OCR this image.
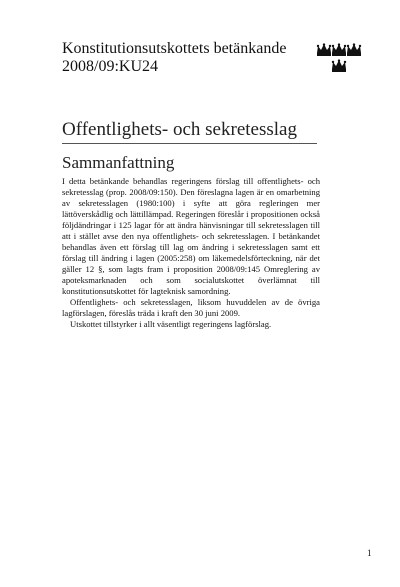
Konstitutionsutskottets betänkande
2008/09:KU24
Offentlighets- och sekretesslag
Sammanfattning

I detta betänkande behandlas regeringens förslag till offentlighets- och sekretesslag (prop. 2008/09:150). Den föreslagna lagen är en omarbetning av sekretesslagen (1980:100) i syfte att göra regleringen mer lättöverskådlig och lättillämpad. Regeringen föreslår i propositionen också följdändringar i 125 lagar för att ändra hänvisningar till sekretesslagen till att i stället avse den nya offentlighets- och sekretesslagen. I betänkandet behandlas även ett förslag till lag om ändring i sekretesslagen samt ett förslag till ändring i lagen (2005:258) om läkemedelsförteckning, när det gäller 12 §, som lagts fram i proposition 2008/09:145 Omreglering av apoteksmarknaden och som socialutskottet överlämnat till konstitutionsutskottet för lagteknisk samordning.

Offentlighets- och sekretesslagen, liksom huvuddelen av de övriga lagförslagen, föreslås träda i kraft den 30 juni 2009.

Utskottet tillstyrker i allt väsentligt regeringens lagförslag.

1
